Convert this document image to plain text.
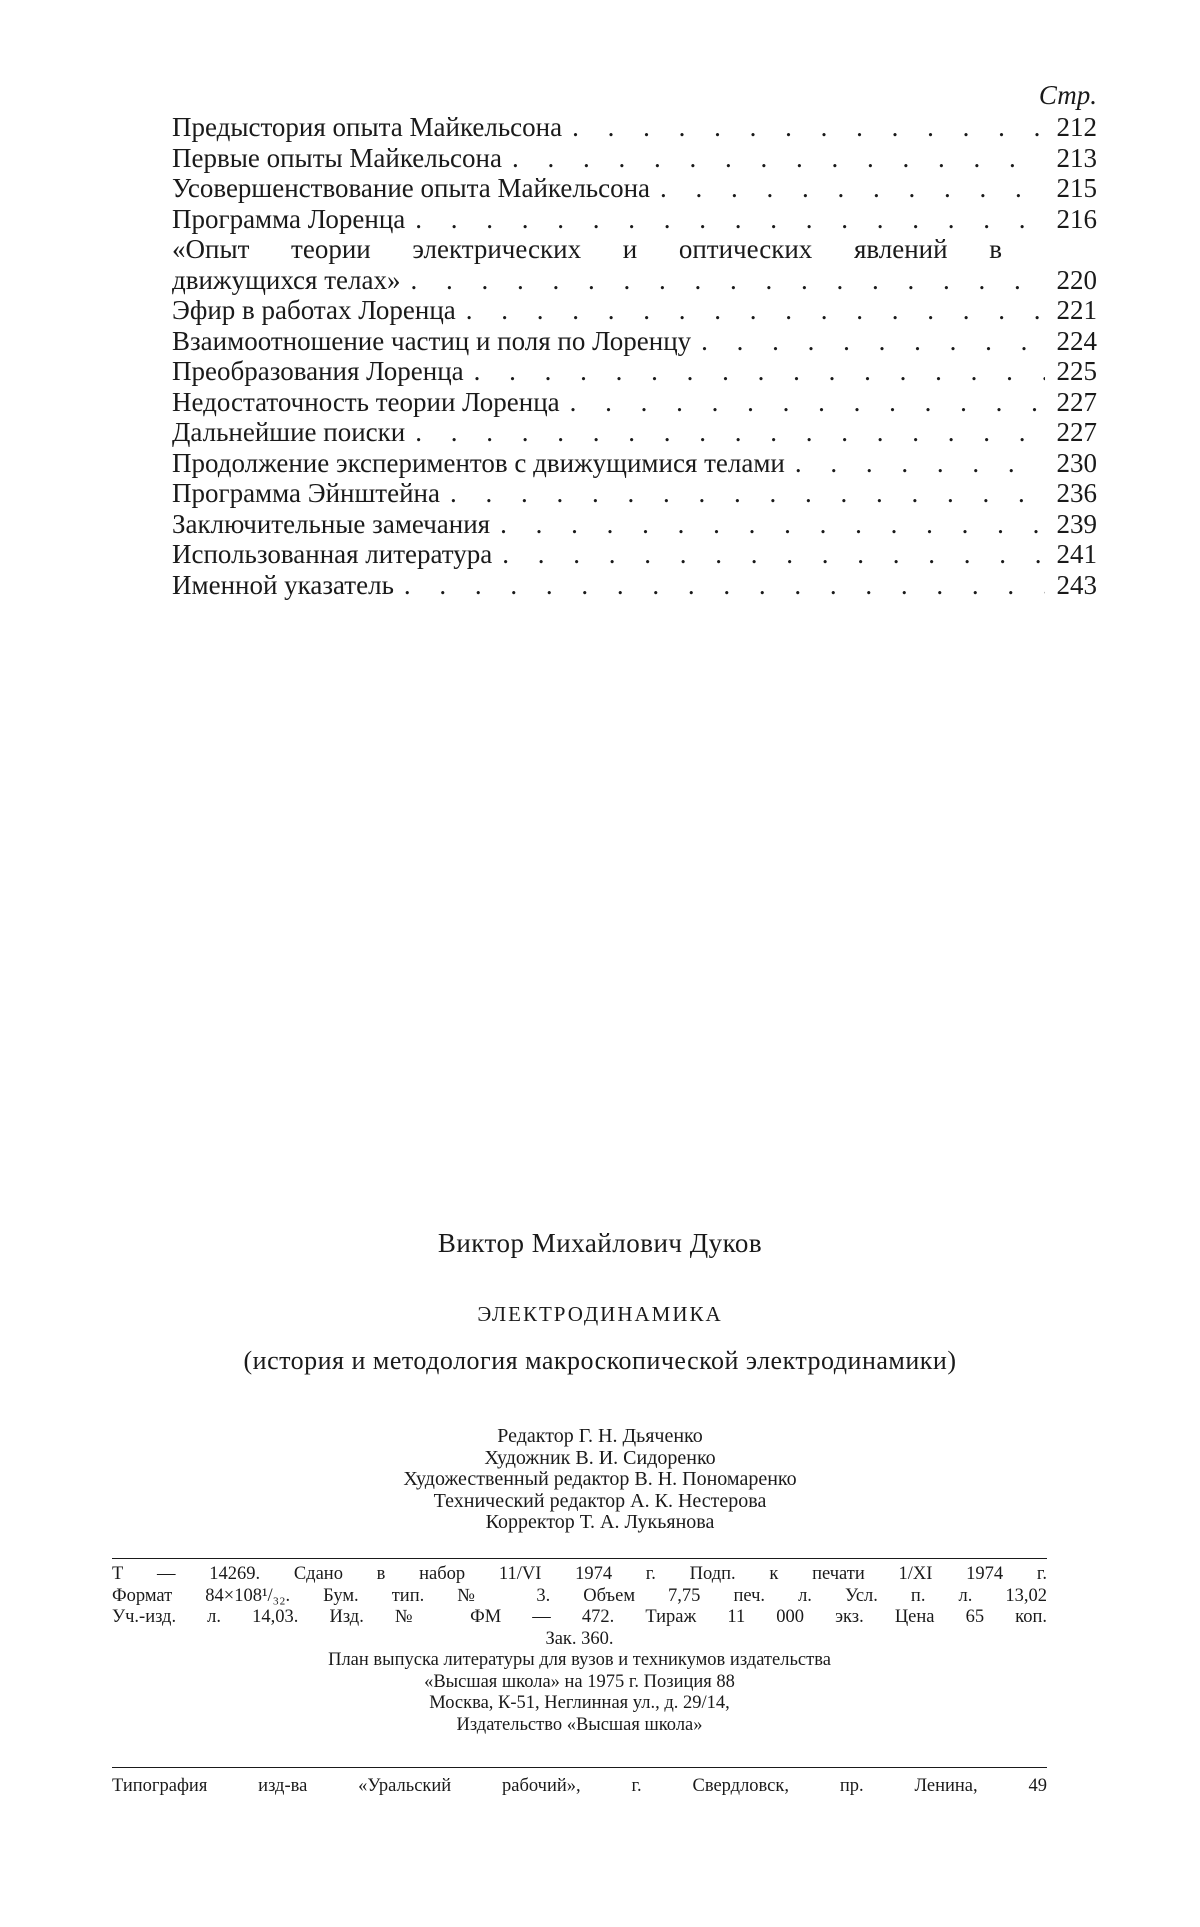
Стр.
Предыстория опыта Майкельсона . . .	212
Первые опыты Майкельсона . . .	213
Усовершенствование опыта Майкельсона . . .	215
Программа Лоренца . . .	216
«Опыт теории электрических и оптических явлений в
движущихся телах» . . .	220
Эфир в работах Лоренца . . .	221
Взаимоотношение частиц и поля по Лоренцу . . .	224
Преобразования Лоренца . . .	225
Недостаточность теории Лоренца . . .	227
Дальнейшие поиски . . .	227
Продолжение экспериментов с движущимися телами . . .	230
Программа Эйнштейна . . .	236
Заключительные замечания . . .	239
Использованная литература . . .	241
Именной указатель . . .	243
Виктор Михайлович Дуков
ЭЛЕКТРОДИНАМИКА
(история и методология макроскопической электродинамики)
Редактор Г. Н. Дьяченко
Художник В. И. Сидоренко
Художественный редактор В. Н. Пономаренко
Технический редактор А. К. Нестерова
Корректор Т. А. Лукьянова
Т — 14269. Сдано в набор 11/VI 1974 г. Подп. к печати 1/XI 1974 г.
Формат 84×108¹/₃₂. Бум. тип. № 3. Объем 7,75 печ. л. Усл. п. л. 13,02
Уч.-изд. л. 14,03. Изд. № ФМ — 472. Тираж 11 000 экз. Цена 65 коп.
Зак. 360.
План выпуска литературы для вузов и техникумов издательства
«Высшая школа» на 1975 г. Позиция 88
Москва, К-51, Неглинная ул., д. 29/14,
Издательство «Высшая школа»
Типография изд-ва «Уральский рабочий», г. Свердловск, пр. Ленина, 49
